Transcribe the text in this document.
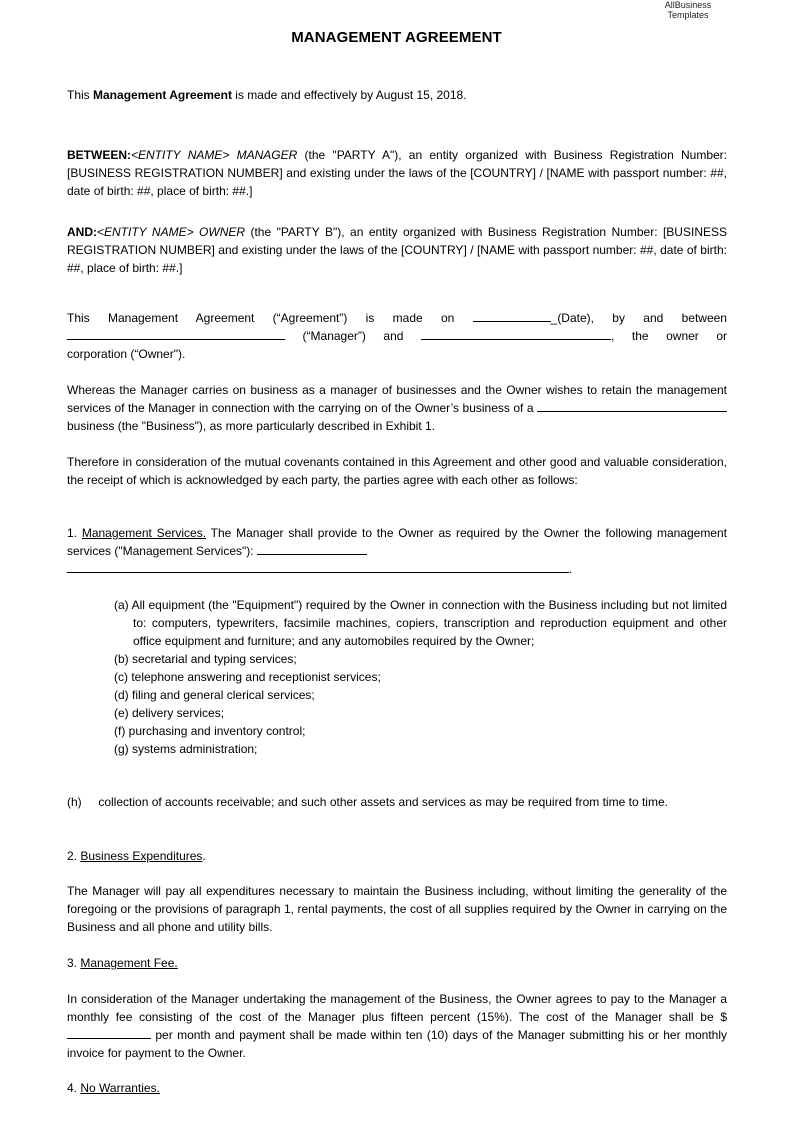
AllBusiness
Templates
MANAGEMENT AGREEMENT
This Management Agreement is made and effectively by August 15, 2018.
BETWEEN:<ENTITY NAME> MANAGER (the "PARTY A"), an entity organized with Business Registration Number: [BUSINESS REGISTRATION NUMBER] and existing under the laws of the [COUNTRY] / [NAME with passport number: ##, date of birth: ##, place of birth: ##.]
AND:<ENTITY NAME> OWNER (the "PARTY B"), an entity organized with Business Registration Number: [BUSINESS REGISTRATION NUMBER] and existing under the laws of the [COUNTRY] / [NAME with passport number: ##, date of birth: ##, place of birth: ##.]
This Management Agreement (“Agreement”) is made on	_(Date), by and between
(“Manager”) and	, the owner or
corporation (“Owner").
Whereas the Manager carries on business as a manager of businesses and the Owner wishes to retain the management services of the Manager in connection with the carrying on of the Owner’s business of a business (the "Business"), as more particularly described in Exhibit 1.
Therefore in consideration of the mutual covenants contained in this Agreement and other good and valuable consideration, the receipt of which is acknowledged by each party, the parties agree with each other as follows:
1. Management Services. The Manager shall provide to the Owner as required by the Owner the following management services ("Management Services"):
.
(a) All equipment (the "Equipment") required by the Owner in connection with the Business including but not limited to: computers, typewriters, facsimile machines, copiers, transcription and reproduction equipment and other office equipment and furniture; and any automobiles required by the Owner;
(b) secretarial and typing services;
(c) telephone answering and receptionist services;
(d) filing and general clerical services;
(e) delivery services;
(f) purchasing and inventory control;
(g) systems administration;
(h) collection of accounts receivable; and such other assets and services as may be required from time to time.
2. Business Expenditures.
The Manager will pay all expenditures necessary to maintain the Business including, without limiting the generality of the foregoing or the provisions of paragraph 1, rental payments, the cost of all supplies required by the Owner in carrying on the Business and all phone and utility bills.
3. Management Fee.
In consideration of the Manager undertaking the management of the Business, the Owner agrees to pay to the Manager a monthly fee consisting of the cost of the Manager plus fifteen percent (15%). The cost of the Manager shall be $  per month and payment shall be made within ten (10) days of the Manager submitting his or her monthly invoice for payment to the Owner.
4. No Warranties.
